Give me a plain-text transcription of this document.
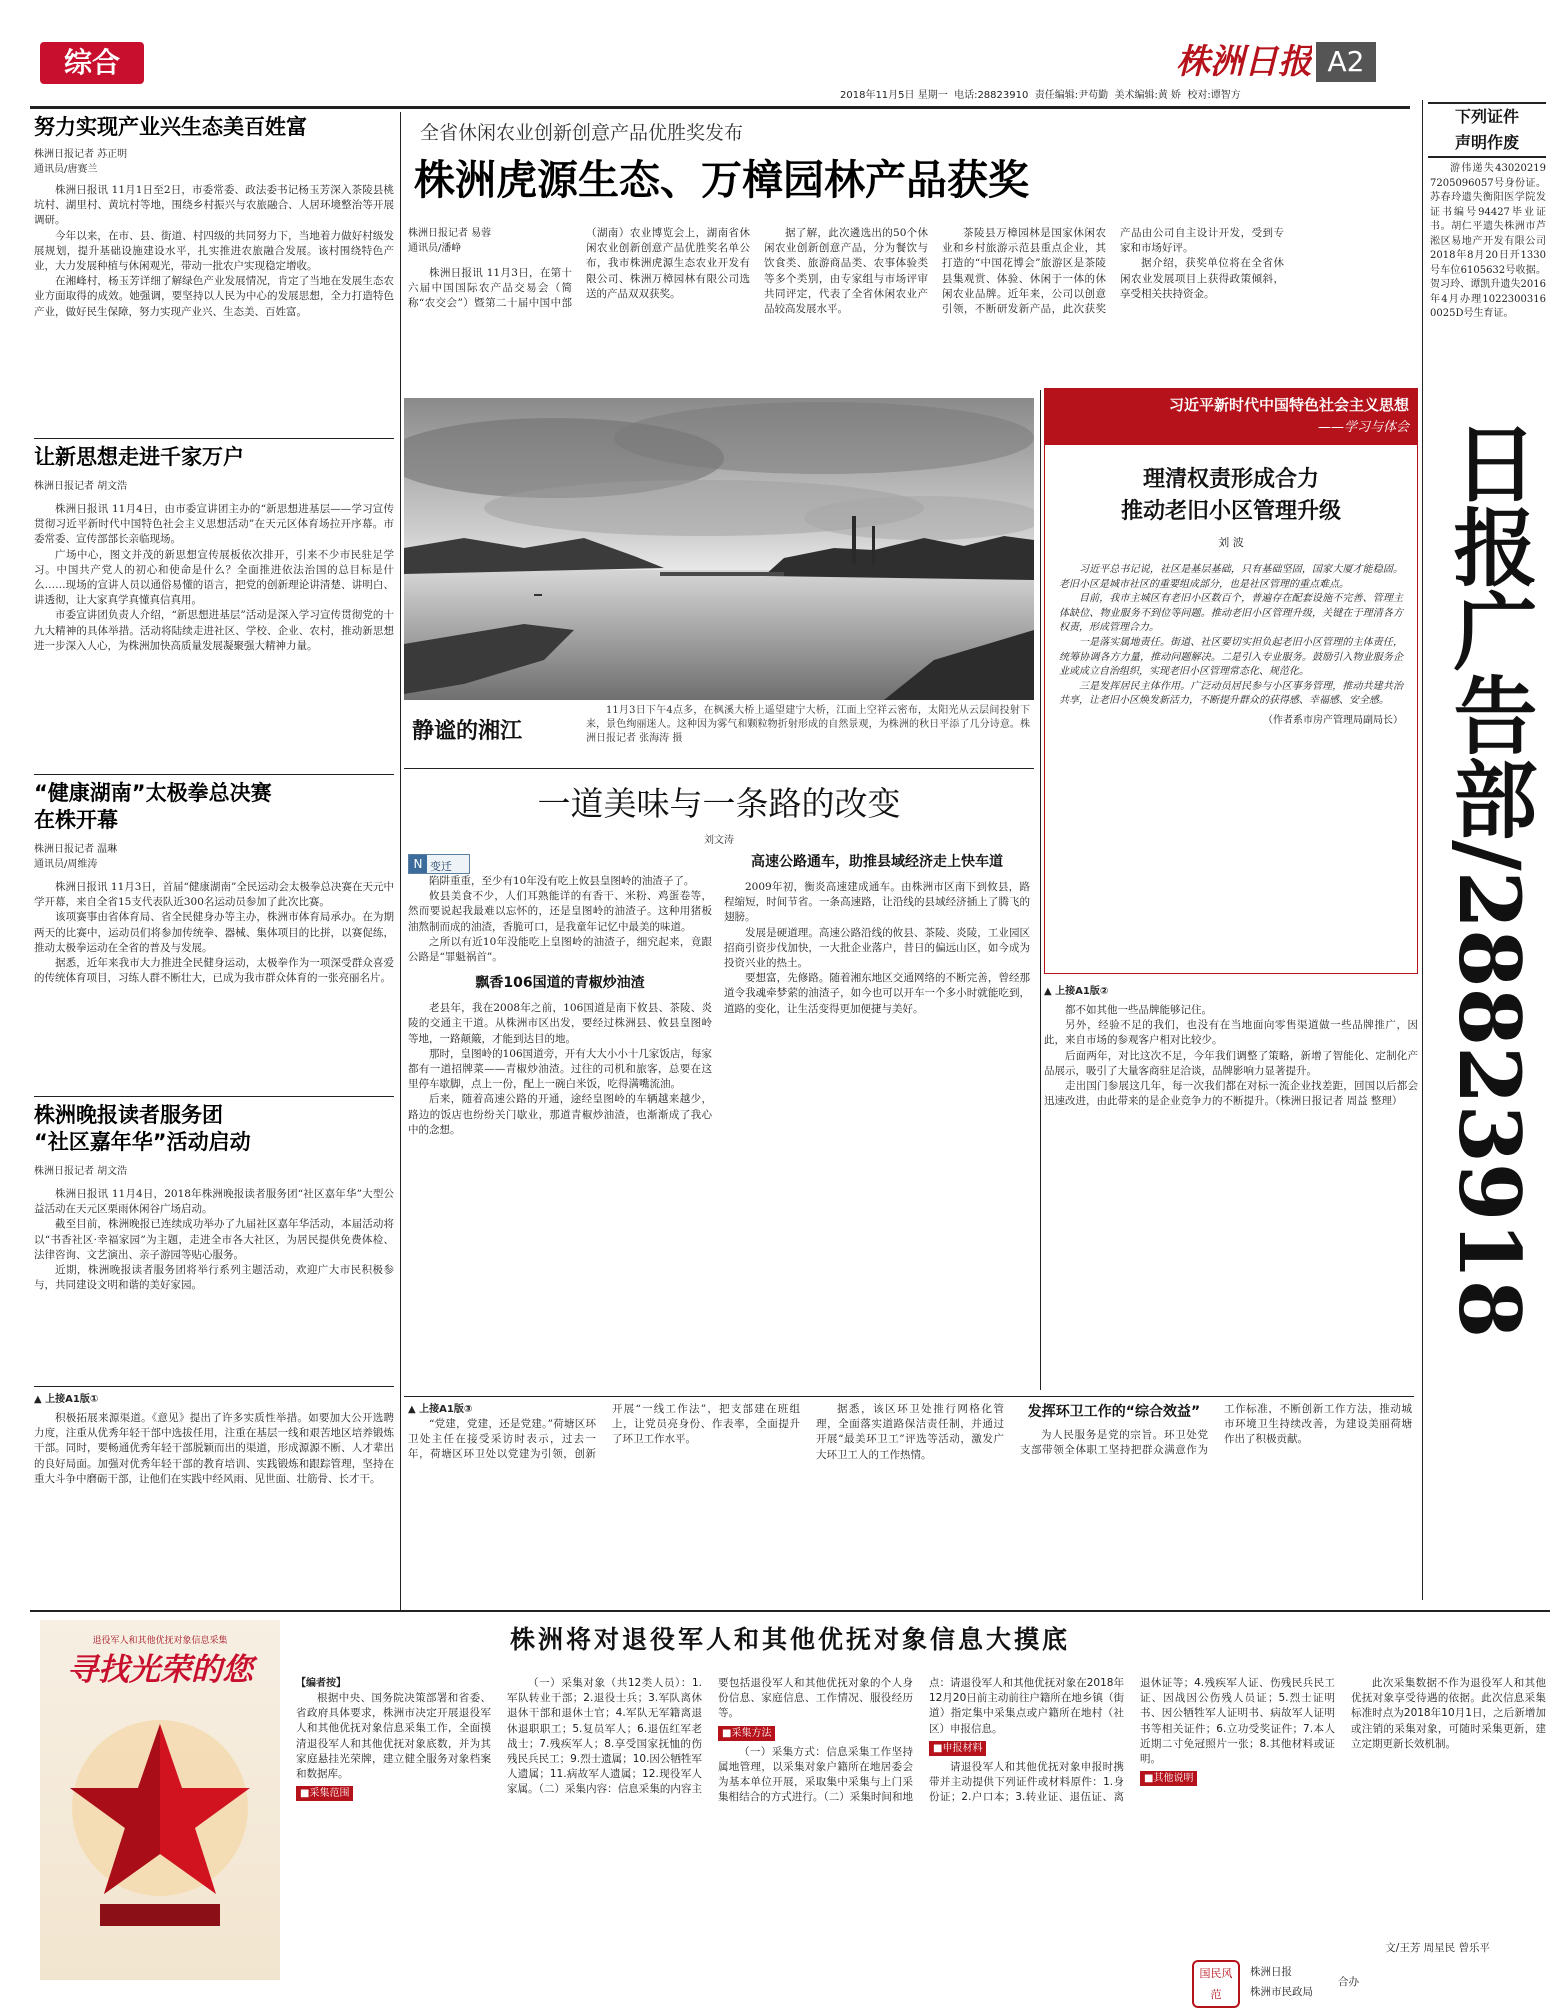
综合	株洲日报 A2
2018年11月5日 星期一 电话:28823910 责任编辑:尹苟勤 美术编辑:黄 娇 校对:谭智方
努力实现产业兴生态美百姓富
株洲日报记者 苏正明
通讯员/唐赛兰

株洲日报讯 11月1日至2日，市委常委、政法委书记杨玉芳深入茶陵县桃坑村、湖里村、黄坑村等地，围绕乡村振兴与农旅融合、人居环境整治等开展调研。

今年以来，在市、县、街道、村四级的共同努力下，当地着力做好村级发展规划，提升基础设施建设水平，扎实推进农旅融合发展。该村围绕特色产业，大力发展种植与休闲观光，带动一批农户实现稳定增收。

在湘峰村，杨玉芳详细了解绿色产业发展情况，肯定了当地在发展生态农业方面取得的成效。她强调，要坚持以人民为中心的发展思想，全力打造特色产业，做好民生保障，努力实现产业兴、生态美、百姓富。

让新思想走进千家万户
株洲日报记者 胡文浩

株洲日报讯 11月4日，由市委宣讲团主办的“新思想进基层——学习宣传贯彻习近平新时代中国特色社会主义思想活动”在天元区体育场拉开序幕。市委常委、宣传部部长亲临现场。

广场中心，图文并茂的新思想宣传展板依次排开，引来不少市民驻足学习。中国共产党人的初心和使命是什么？全面推进依法治国的总目标是什么……现场的宣讲人员以通俗易懂的语言，把党的创新理论讲清楚、讲明白、讲透彻，让大家真学真懂真信真用。

市委宣讲团负责人介绍，“新思想进基层”活动是深入学习宣传贯彻党的十九大精神的具体举措。活动将陆续走进社区、学校、企业、农村，推动新思想进一步深入人心，为株洲加快高质量发展凝聚强大精神力量。

“健康湖南”太极拳总决赛
在株开幕
株洲日报记者 温琳
通讯员/周维涛

株洲日报讯 11月3日，首届“健康湖南”全民运动会太极拳总决赛在天元中学开幕，来自全省15支代表队近300名运动员参加了此次比赛。

该项赛事由省体育局、省全民健身办等主办，株洲市体育局承办。在为期两天的比赛中，运动员们将参加传统拳、器械、集体项目的比拼，以赛促练，推动太极拳运动在全省的普及与发展。

据悉，近年来我市大力推进全民健身运动，太极拳作为一项深受群众喜爱的传统体育项目，习练人群不断壮大，已成为我市群众体育的一张亮丽名片。

株洲晚报读者服务团
“社区嘉年华”活动启动
株洲日报记者 胡文浩

株洲日报讯 11月4日，2018年株洲晚报读者服务团“社区嘉年华”大型公益活动在天元区栗雨休闲谷广场启动。

截至目前，株洲晚报已连续成功举办了九届社区嘉年华活动，本届活动将以“书香社区·幸福家园”为主题，走进全市各大社区，为居民提供免费体检、法律咨询、文艺演出、亲子游园等贴心服务。

近期，株洲晚报读者服务团将举行系列主题活动，欢迎广大市民积极参与，共同建设文明和谐的美好家园。

▲ 上接A1版①

积极拓展来源渠道。《意见》提出了许多实质性举措。如要加大公开选聘力度，注重从优秀年轻干部中选拔任用，注重在基层一线和艰苦地区培养锻炼干部。同时，要畅通优秀年轻干部脱颖而出的渠道，形成源源不断、人才辈出的良好局面。加强对优秀年轻干部的教育培训、实践锻炼和跟踪管理，坚持在重大斗争中磨砺干部，让他们在实践中经风雨、见世面、壮筋骨、长才干。

全省休闲农业创新创意产品优胜奖发布
株洲虎源生态、万樟园林产品获奖
株洲日报记者 易蓉
通讯员/潘峥

株洲日报讯 11月3日，在第十六届中国国际农产品交易会（简称“农交会”）暨第二十届中国中部（湖南）农业博览会上，湖南省休闲农业创新创意产品优胜奖名单公布，我市株洲虎源生态农业开发有限公司、株洲万樟园林有限公司选送的产品双双获奖。

据了解，此次遴选出的50个休闲农业创新创意产品，分为餐饮与饮食类、旅游商品类、农事体验类等多个类别，由专家组与市场评审共同评定，代表了全省休闲农业产品较高发展水平。

茶陵县万樟园林是国家休闲农业和乡村旅游示范县重点企业，其打造的“中国花博会”旅游区是茶陵县集观赏、体验、休闲于一体的休闲农业品牌。近年来，公司以创意引领，不断研发新产品，此次获奖产品由公司自主设计开发，受到专家和市场好评。

据介绍，获奖单位将在全省休闲农业发展项目上获得政策倾斜，享受相关扶持资金。

静谧的湘江
11月3日下午4点多，在枫溪大桥上遥望建宁大桥，江面上空祥云密布，太阳光从云层间投射下来，景色绚丽迷人。这种因为雾气和颗粒物折射形成的自然景观，为株洲的秋日平添了几分诗意。株洲日报记者 张海涛 摄
一道美味与一条路的改变
刘文涛
N 变迁

陷阱重重，至少有10年没有吃上攸县皇图岭的油渣子了。

攸县美食不少，人们耳熟能详的有香干、米粉、鸡蛋卷等，然而要说起我最难以忘怀的，还是皇图岭的油渣子。这种用猪板油熬制而成的油渣，香脆可口，是我童年记忆中最美的味道。

之所以有近10年没能吃上皇图岭的油渣子，细究起来，竟跟公路是“罪魁祸首”。

飘香106国道的青椒炒油渣

老县年，我在2008年之前，106国道是南下攸县、茶陵、炎陵的交通主干道。从株洲市区出发，要经过株洲县、攸县皇图岭等地，一路颠簸，才能到达目的地。

那时，皇图岭的106国道旁，开有大大小小十几家饭店，每家都有一道招牌菜——青椒炒油渣。过往的司机和旅客，总要在这里停车歇脚，点上一份，配上一碗白米饭，吃得满嘴流油。

后来，随着高速公路的开通，途经皇图岭的车辆越来越少，路边的饭店也纷纷关门歇业，那道青椒炒油渣，也渐渐成了我心中的念想。

高速公路通车，助推县域经济走上快车道

2009年初，衡炎高速建成通车。由株洲市区南下到攸县，路程缩短，时间节省。一条高速路，让沿线的县域经济插上了腾飞的翅膀。

发展是硬道理。高速公路沿线的攸县、茶陵、炎陵，工业园区招商引资步伐加快，一大批企业落户，昔日的偏远山区，如今成为投资兴业的热土。

要想富，先修路。随着湘东地区交通网络的不断完善，曾经那道令我魂牵梦萦的油渣子，如今也可以开车一个多小时就能吃到，道路的变化，让生活变得更加便捷与美好。

习近平新时代中国特色社会主义思想
——学习与体会
理清权责形成合力
推动老旧小区管理升级
刘 波

习近平总书记说，社区是基层基础，只有基础坚固，国家大厦才能稳固。老旧小区是城市社区的重要组成部分，也是社区管理的重点难点。

目前，我市主城区有老旧小区数百个，普遍存在配套设施不完善、管理主体缺位、物业服务不到位等问题。推动老旧小区管理升级，关键在于理清各方权责，形成管理合力。

一是落实属地责任。街道、社区要切实担负起老旧小区管理的主体责任，统筹协调各方力量，推动问题解决。二是引入专业服务。鼓励引入物业服务企业或成立自治组织，实现老旧小区管理常态化、规范化。

三是发挥居民主体作用。广泛动员居民参与小区事务管理，推动共建共治共享，让老旧小区焕发新活力，不断提升群众的获得感、幸福感、安全感。

（作者系市房产管理局副局长）
▲ 上接A1版②

都不如其他一些品牌能够记住。

另外，经验不足的我们，也没有在当地面向零售渠道做一些品牌推广，因此，来自市场的参观客户相对比较少。

后面两年，对比这次不足，今年我们调整了策略，新增了智能化、定制化产品展示，吸引了大量客商驻足洽谈，品牌影响力显著提升。

走出国门参展这几年，每一次我们都在对标一流企业找差距，回国以后都会迅速改进，由此带来的是企业竞争力的不断提升。（株洲日报记者 周益 整理）

▲ 上接A1版③

“党建，党建，还是党建。”荷塘区环卫处主任在接受采访时表示，过去一年，荷塘区环卫处以党建为引领，创新开展“一线工作法”，把支部建在班组上，让党员亮身份、作表率，全面提升了环卫工作水平。

据悉，该区环卫处推行网格化管理，全面落实道路保洁责任制，并通过开展“最美环卫工”评选等活动，激发广大环卫工人的工作热情。

发挥环卫工作的“综合效益”

为人民服务是党的宗旨。环卫处党支部带领全体职工坚持把群众满意作为工作标准，不断创新工作方法，推动城市环境卫生持续改善，为建设美丽荷塘作出了积极贡献。

下列证件
声明作废
游伟递失430202197205096057号身份证。苏春玲遗失衡阳医学院发证书编号94427毕业证书。胡仁平遗失株洲市芦淞区易地产开发有限公司2018年8月20日开1330号车位6105632号收据。贺习玲、谭凯升遗失2016年4月办理10223003160025D号生育证。
日报广告部
/28823918
株洲将对退役军人和其他优抚对象信息大摸底
退役军人和其他优抚对象信息采集
寻找光荣的您	【编者按】

根据中央、国务院决策部署和省委、省政府具体要求，株洲市决定开展退役军人和其他优抚对象信息采集工作，全面摸清退役军人和其他优抚对象底数，并为其家庭悬挂光荣牌，建立健全服务对象档案和数据库。

■采集范围

（一）采集对象（共12类人员）：1.军队转业干部；2.退役士兵；3.军队离休退休干部和退休士官；4.军队无军籍离退休退职职工；5.复员军人；6.退伍红军老战士；7.残疾军人；8.享受国家抚恤的伤残民兵民工；9.烈士遗属；10.因公牺牲军人遗属；11.病故军人遗属；12.现役军人家属。（二）采集内容：信息采集的内容主要包括退役军人和其他优抚对象的个人身份信息、家庭信息、工作情况、服役经历等。

■采集方法

（一）采集方式：信息采集工作坚持属地管理，以采集对象户籍所在地居委会为基本单位开展，采取集中采集与上门采集相结合的方式进行。（二）采集时间和地点：请退役军人和其他优抚对象在2018年12月20日前主动前往户籍所在地乡镇（街道）指定集中采集点或户籍所在地村（社区）申报信息。

■申报材料

请退役军人和其他优抚对象申报时携带并主动提供下列证件或材料原件：1.身份证；2.户口本；3.转业证、退伍证、离退休证等；4.残疾军人证、伤残民兵民工证、因战因公伤残人员证；5.烈士证明书、因公牺牲军人证明书、病故军人证明书等相关证件；6.立功受奖证件；7.本人近期二寸免冠照片一张；8.其他材料或证明。

■其他说明

此次采集数据不作为退役军人和其他优抚对象享受待遇的依据。此次信息采集标准时点为2018年10月1日，之后新增加或注销的采集对象，可随时采集更新，建立定期更新长效机制。

文/王芳 周星民 曾乐平
国民风范
株洲日报
株洲市民政局
合办
